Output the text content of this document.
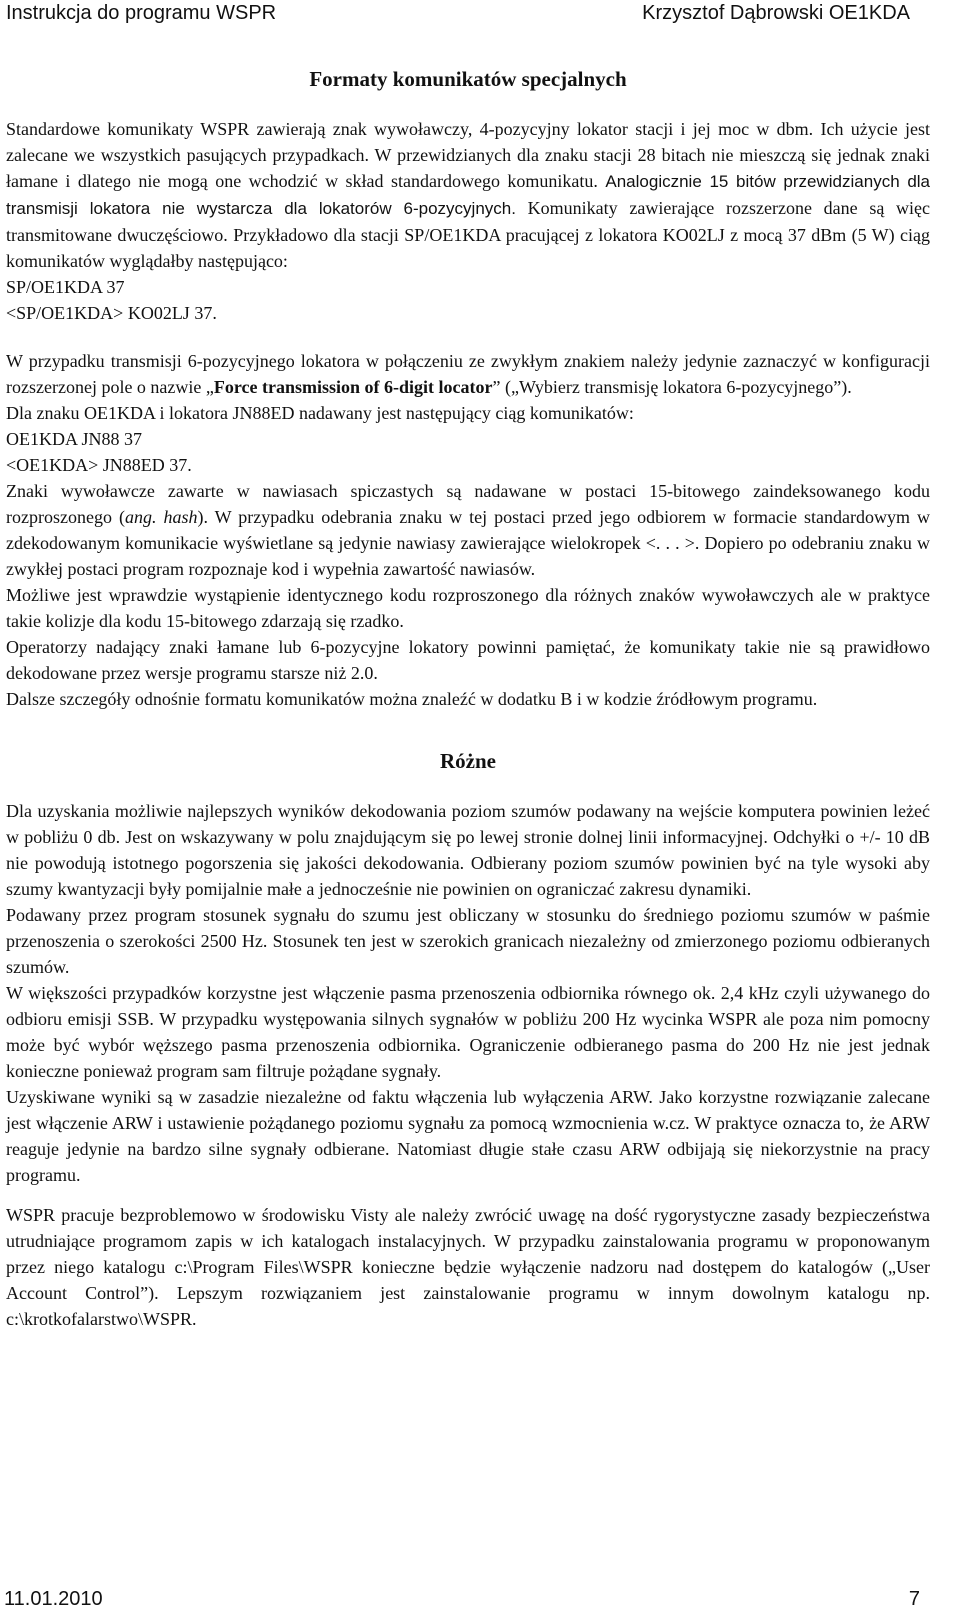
Instrukcja do programu WSPR	Krzysztof Dąbrowski OE1KDA

Formaty komunikatów specjalnych

Standardowe komunikaty WSPR zawierają znak wywoławczy, 4-pozycyjny lokator stacji i jej moc w dbm. Ich użycie jest zalecane we wszystkich pasujących przypadkach. W przewidzianych dla znaku stacji 28 bitach nie mieszczą się jednak znaki łamane i dlatego nie mogą one wchodzić w skład standardowego komunikatu. Analogicznie 15 bitów przewidzianych dla transmisji lokatora nie wystarcza dla lokatorów 6-pozycyjnych. Komunikaty zawierające rozszerzone dane są więc transmitowane dwuczęściowo. Przykładowo dla stacji SP/OE1KDA pracującej z lokatora KO02LJ z mocą 37 dBm (5 W) ciąg komunikatów wyglądałby następująco:

SP/OE1KDA 37

<SP/OE1KDA> KO02LJ 37.

W przypadku transmisji 6-pozycyjnego lokatora w połączeniu ze zwykłym znakiem należy jedynie zaznaczyć w konfiguracji rozszerzonej pole o nazwie „Force transmission of 6-digit locator” („Wybierz transmisję lokatora 6-pozycyjnego”).

Dla znaku OE1KDA i lokatora JN88ED nadawany jest następujący ciąg komunikatów:

OE1KDA JN88 37

<OE1KDA> JN88ED 37.

Znaki wywoławcze zawarte w nawiasach spiczastych są nadawane w postaci 15-bitowego zaindeksowanego kodu rozproszonego (ang. hash). W przypadku odebrania znaku w tej postaci przed jego odbiorem w formacie standardowym w zdekodowanym komunikacie wyświetlane są jedynie nawiasy zawierające wielokropek <. . . >. Dopiero po odebraniu znaku w zwykłej postaci program rozpoznaje kod i wypełnia zawartość nawiasów.

Możliwe jest wprawdzie wystąpienie identycznego kodu rozproszonego dla różnych znaków wywoławczych ale w praktyce takie kolizje dla kodu 15-bitowego zdarzają się rzadko.

Operatorzy nadający znaki łamane lub 6-pozycyjne lokatory powinni pamiętać, że komunikaty takie nie są prawidłowo dekodowane przez wersje programu starsze niż 2.0.

Dalsze szczegóły odnośnie formatu komunikatów można znaleźć w dodatku B i w kodzie źródłowym programu.

Różne

Dla uzyskania możliwie najlepszych wyników dekodowania poziom szumów podawany na wejście komputera powinien leżeć w pobliżu 0 db. Jest on wskazywany w polu znajdującym się po lewej stronie dolnej linii informacyjnej. Odchyłki o +/- 10 dB nie powodują istotnego pogorszenia się jakości dekodowania. Odbierany poziom szumów powinien być na tyle wysoki aby szumy kwantyzacji były pomijalnie małe a jednocześnie nie powinien on ograniczać zakresu dynamiki.

Podawany przez program stosunek sygnału do szumu jest obliczany w stosunku do średniego poziomu szumów w paśmie przenoszenia o szerokości 2500 Hz. Stosunek ten jest w szerokich granicach niezależny od zmierzonego poziomu odbieranych szumów.

W większości przypadków korzystne jest włączenie pasma przenoszenia odbiornika równego ok. 2,4 kHz czyli używanego do odbioru emisji SSB. W przypadku występowania silnych sygnałów w pobliżu 200 Hz wycinka WSPR ale poza nim pomocny może być wybór węższego pasma przenoszenia odbiornika. Ograniczenie odbieranego pasma do 200 Hz nie jest jednak konieczne ponieważ program sam filtruje pożądane sygnały.

Uzyskiwane wyniki są w zasadzie niezależne od faktu włączenia lub wyłączenia ARW. Jako korzystne rozwiązanie zalecane jest włączenie ARW i ustawienie pożądanego poziomu sygnału za pomocą wzmocnienia w.cz. W praktyce oznacza to, że ARW reaguje jedynie na bardzo silne sygnały odbierane. Natomiast długie stałe czasu ARW odbijają się niekorzystnie na pracy programu.

WSPR pracuje bezproblemowo w środowisku Visty ale należy zwrócić uwagę na dość rygorystyczne zasady bezpieczeństwa utrudniające programom zapis w ich katalogach instalacyjnych. W przypadku zainstalowania programu w proponowanym przez niego katalogu c:\Program Files\WSPR konieczne będzie wyłączenie nadzoru nad dostępem do katalogów („User Account Control”). Lepszym rozwiązaniem jest zainstalowanie programu w innym dowolnym katalogu np. c:\krotkofalarstwo\WSPR.

11.01.2010	7
